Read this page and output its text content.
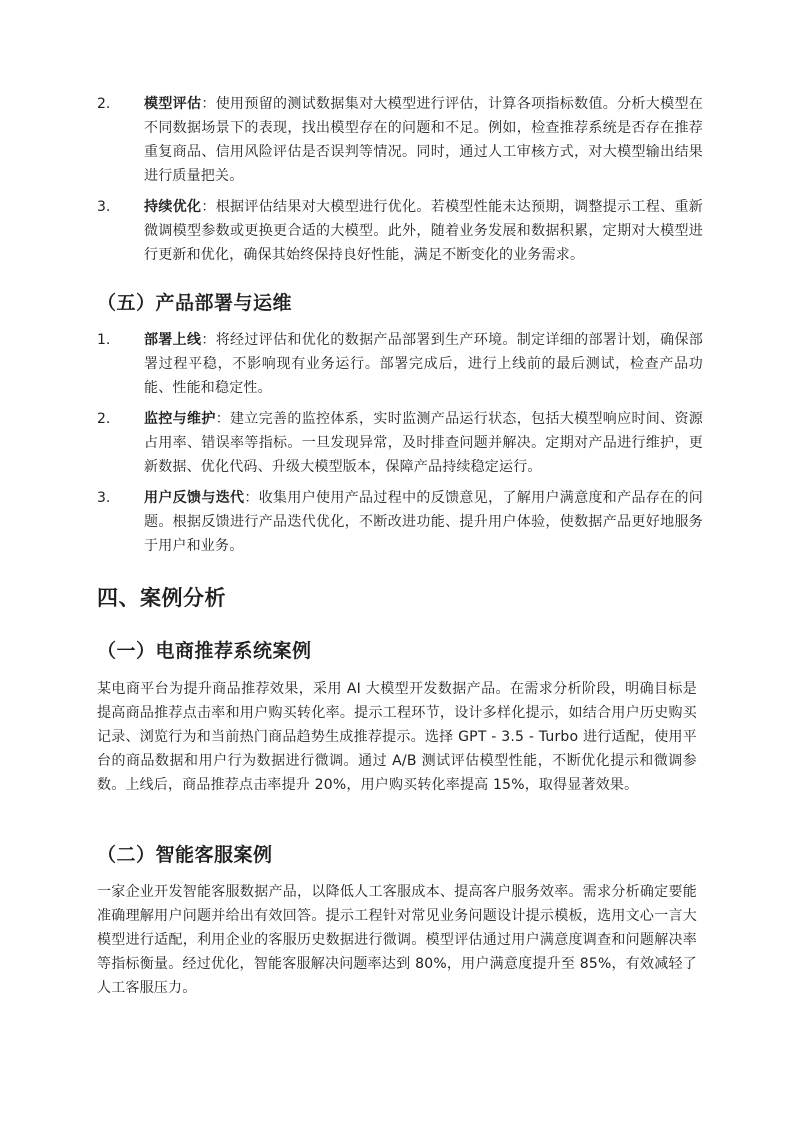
2.	模型评估：使用预留的测试数据集对大模型进行评估，计算各项指标数值。分析大模型在不同数据场景下的表现，找出模型存在的问题和不足。例如，检查推荐系统是否存在推荐重复商品、信用风险评估是否误判等情况。同时，通过人工审核方式，对大模型输出结果进行质量把关。
3.	持续优化：根据评估结果对大模型进行优化。若模型性能未达预期，调整提示工程、重新微调模型参数或更换更合适的大模型。此外，随着业务发展和数据积累，定期对大模型进行更新和优化，确保其始终保持良好性能，满足不断变化的业务需求。
（五）产品部署与运维
1.	部署上线：将经过评估和优化的数据产品部署到生产环境。制定详细的部署计划，确保部署过程平稳，不影响现有业务运行。部署完成后，进行上线前的最后测试，检查产品功能、性能和稳定性。
2.	监控与维护：建立完善的监控体系，实时监测产品运行状态，包括大模型响应时间、资源占用率、错误率等指标。一旦发现异常，及时排查问题并解决。定期对产品进行维护，更新数据、优化代码、升级大模型版本，保障产品持续稳定运行。
3.	用户反馈与迭代：收集用户使用产品过程中的反馈意见，了解用户满意度和产品存在的问题。根据反馈进行产品迭代优化，不断改进功能、提升用户体验，使数据产品更好地服务于用户和业务。
四、案例分析
（一）电商推荐系统案例

某电商平台为提升商品推荐效果，采用 AI 大模型开发数据产品。在需求分析阶段，明确目标是提高商品推荐点击率和用户购买转化率。提示工程环节，设计多样化提示，如结合用户历史购买记录、浏览行为和当前热门商品趋势生成推荐提示。选择 GPT - 3.5 - Turbo 进行适配，使用平台的商品数据和用户行为数据进行微调。通过 A/B 测试评估模型性能，不断优化提示和微调参数。上线后，商品推荐点击率提升 20%，用户购买转化率提高 15%，取得显著效果。

（二）智能客服案例

一家企业开发智能客服数据产品，以降低人工客服成本、提高客户服务效率。需求分析确定要能准确理解用户问题并给出有效回答。提示工程针对常见业务问题设计提示模板，选用文心一言大模型进行适配，利用企业的客服历史数据进行微调。模型评估通过用户满意度调查和问题解决率等指标衡量。经过优化，智能客服解决问题率达到 80%，用户满意度提升至 85%，有效减轻了人工客服压力。
